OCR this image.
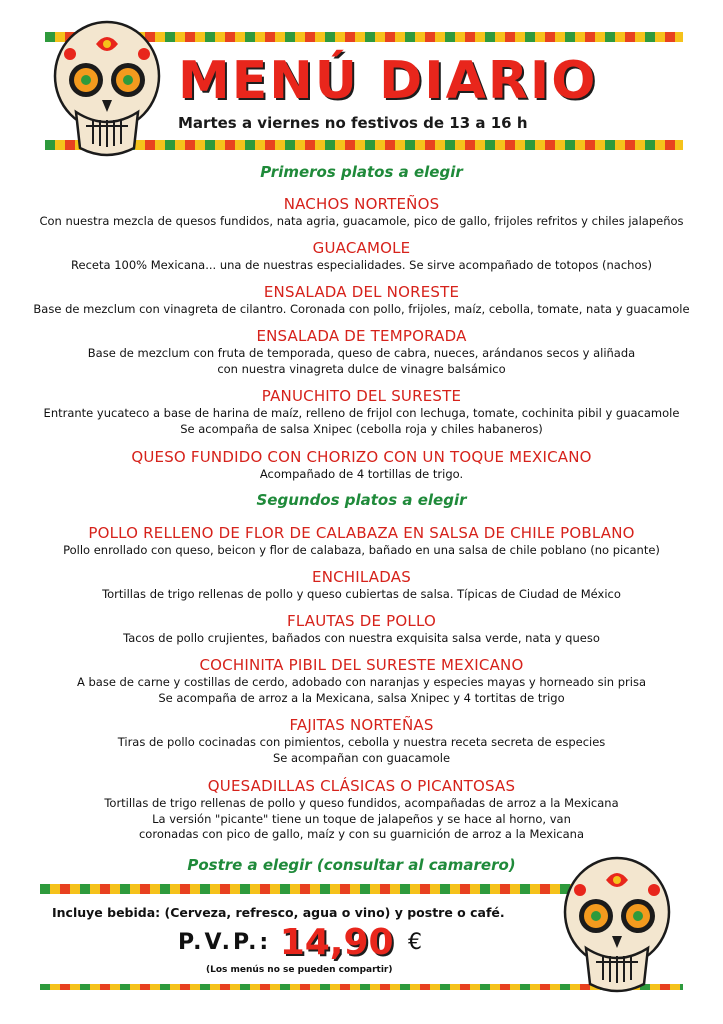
MENÚ DIARIO
Martes a viernes no festivos de 13 a 16 h
Primeros platos a elegir
NACHOS NORTEÑOS
Con nuestra mezcla de quesos fundidos, nata agria, guacamole, pico de gallo, frijoles refritos y chiles jalapeños
GUACAMOLE
Receta 100% Mexicana... una de nuestras especialidades. Se sirve acompañado de totopos (nachos)
ENSALADA DEL NORESTE
Base de mezclum con vinagreta de cilantro. Coronada con pollo, frijoles, maíz, cebolla, tomate, nata y guacamole
ENSALADA DE TEMPORADA
Base de mezclum con fruta de temporada, queso de cabra, nueces, arándanos secos y aliñada
con nuestra vinagreta dulce de vinagre balsámico
PANUCHITO DEL SURESTE
Entrante yucateco a base de harina de maíz, relleno de frijol con lechuga, tomate, cochinita pibil y guacamole
Se acompaña de salsa Xnipec (cebolla roja y chiles habaneros)
QUESO FUNDIDO CON CHORIZO CON UN TOQUE MEXICANO
Acompañado de 4 tortillas de trigo.
Segundos platos a elegir
POLLO RELLENO DE FLOR DE CALABAZA EN SALSA DE CHILE POBLANO
Pollo enrollado con queso, beicon y flor de calabaza, bañado en una salsa de chile poblano (no picante)
ENCHILADAS
Tortillas de trigo rellenas de pollo y queso cubiertas de salsa. Típicas de Ciudad de México
FLAUTAS DE POLLO
Tacos de pollo crujientes, bañados con nuestra exquisita salsa verde, nata y queso
COCHINITA PIBIL DEL SURESTE MEXICANO
A base de carne y costillas de cerdo, adobado con naranjas y especies mayas y horneado sin prisa
Se acompaña de arroz a la Mexicana, salsa Xnipec y 4 tortitas de trigo
FAJITAS NORTEÑAS
Tiras de pollo cocinadas con pimientos, cebolla y nuestra receta secreta de especies
Se acompañan con guacamole
QUESADILLAS CLÁSICAS O PICANTOSAS
Tortillas de trigo rellenas de pollo y queso fundidos, acompañadas de arroz a la Mexicana
La versión "picante" tiene un toque de jalapeños y se hace al horno, van
coronadas con pico de gallo, maíz y con su guarnición de arroz a la Mexicana
Postre a elegir (consultar al camarero)
Incluye bebida: (Cerveza, refresco, agua o vino) y postre o café.
P.V.P.: 14,90 €
(Los menús no se pueden compartir)
